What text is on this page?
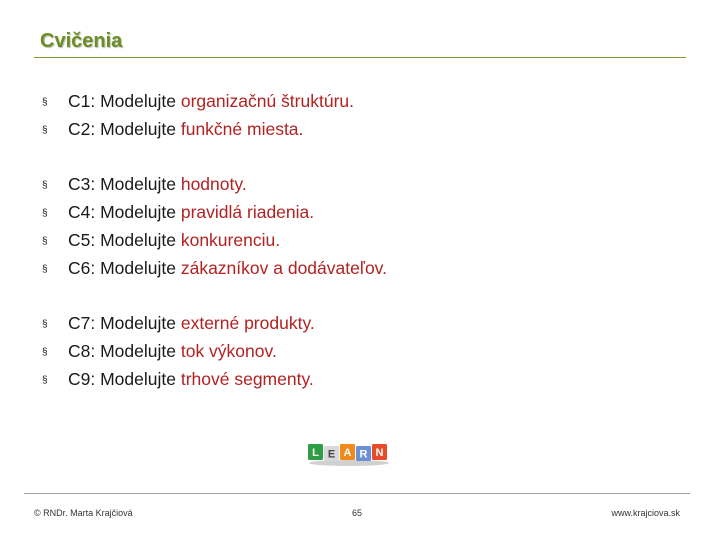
Cvičenia
§	C1: Modelujte organizačnú štruktúru.
§	C2: Modelujte funkčné miesta.
§	C3: Modelujte hodnoty.
§	C4: Modelujte pravidlá riadenia.
§	C5: Modelujte konkurenciu.
§	C6: Modelujte zákazníkov a dodávateľov.
§	C7: Modelujte externé produkty.
§	C8: Modelujte tok výkonov.
§	C9: Modelujte trhové segmenty.
L E A R N
© RNDr. Marta Krajčiová	65	www.krajciova.sk
